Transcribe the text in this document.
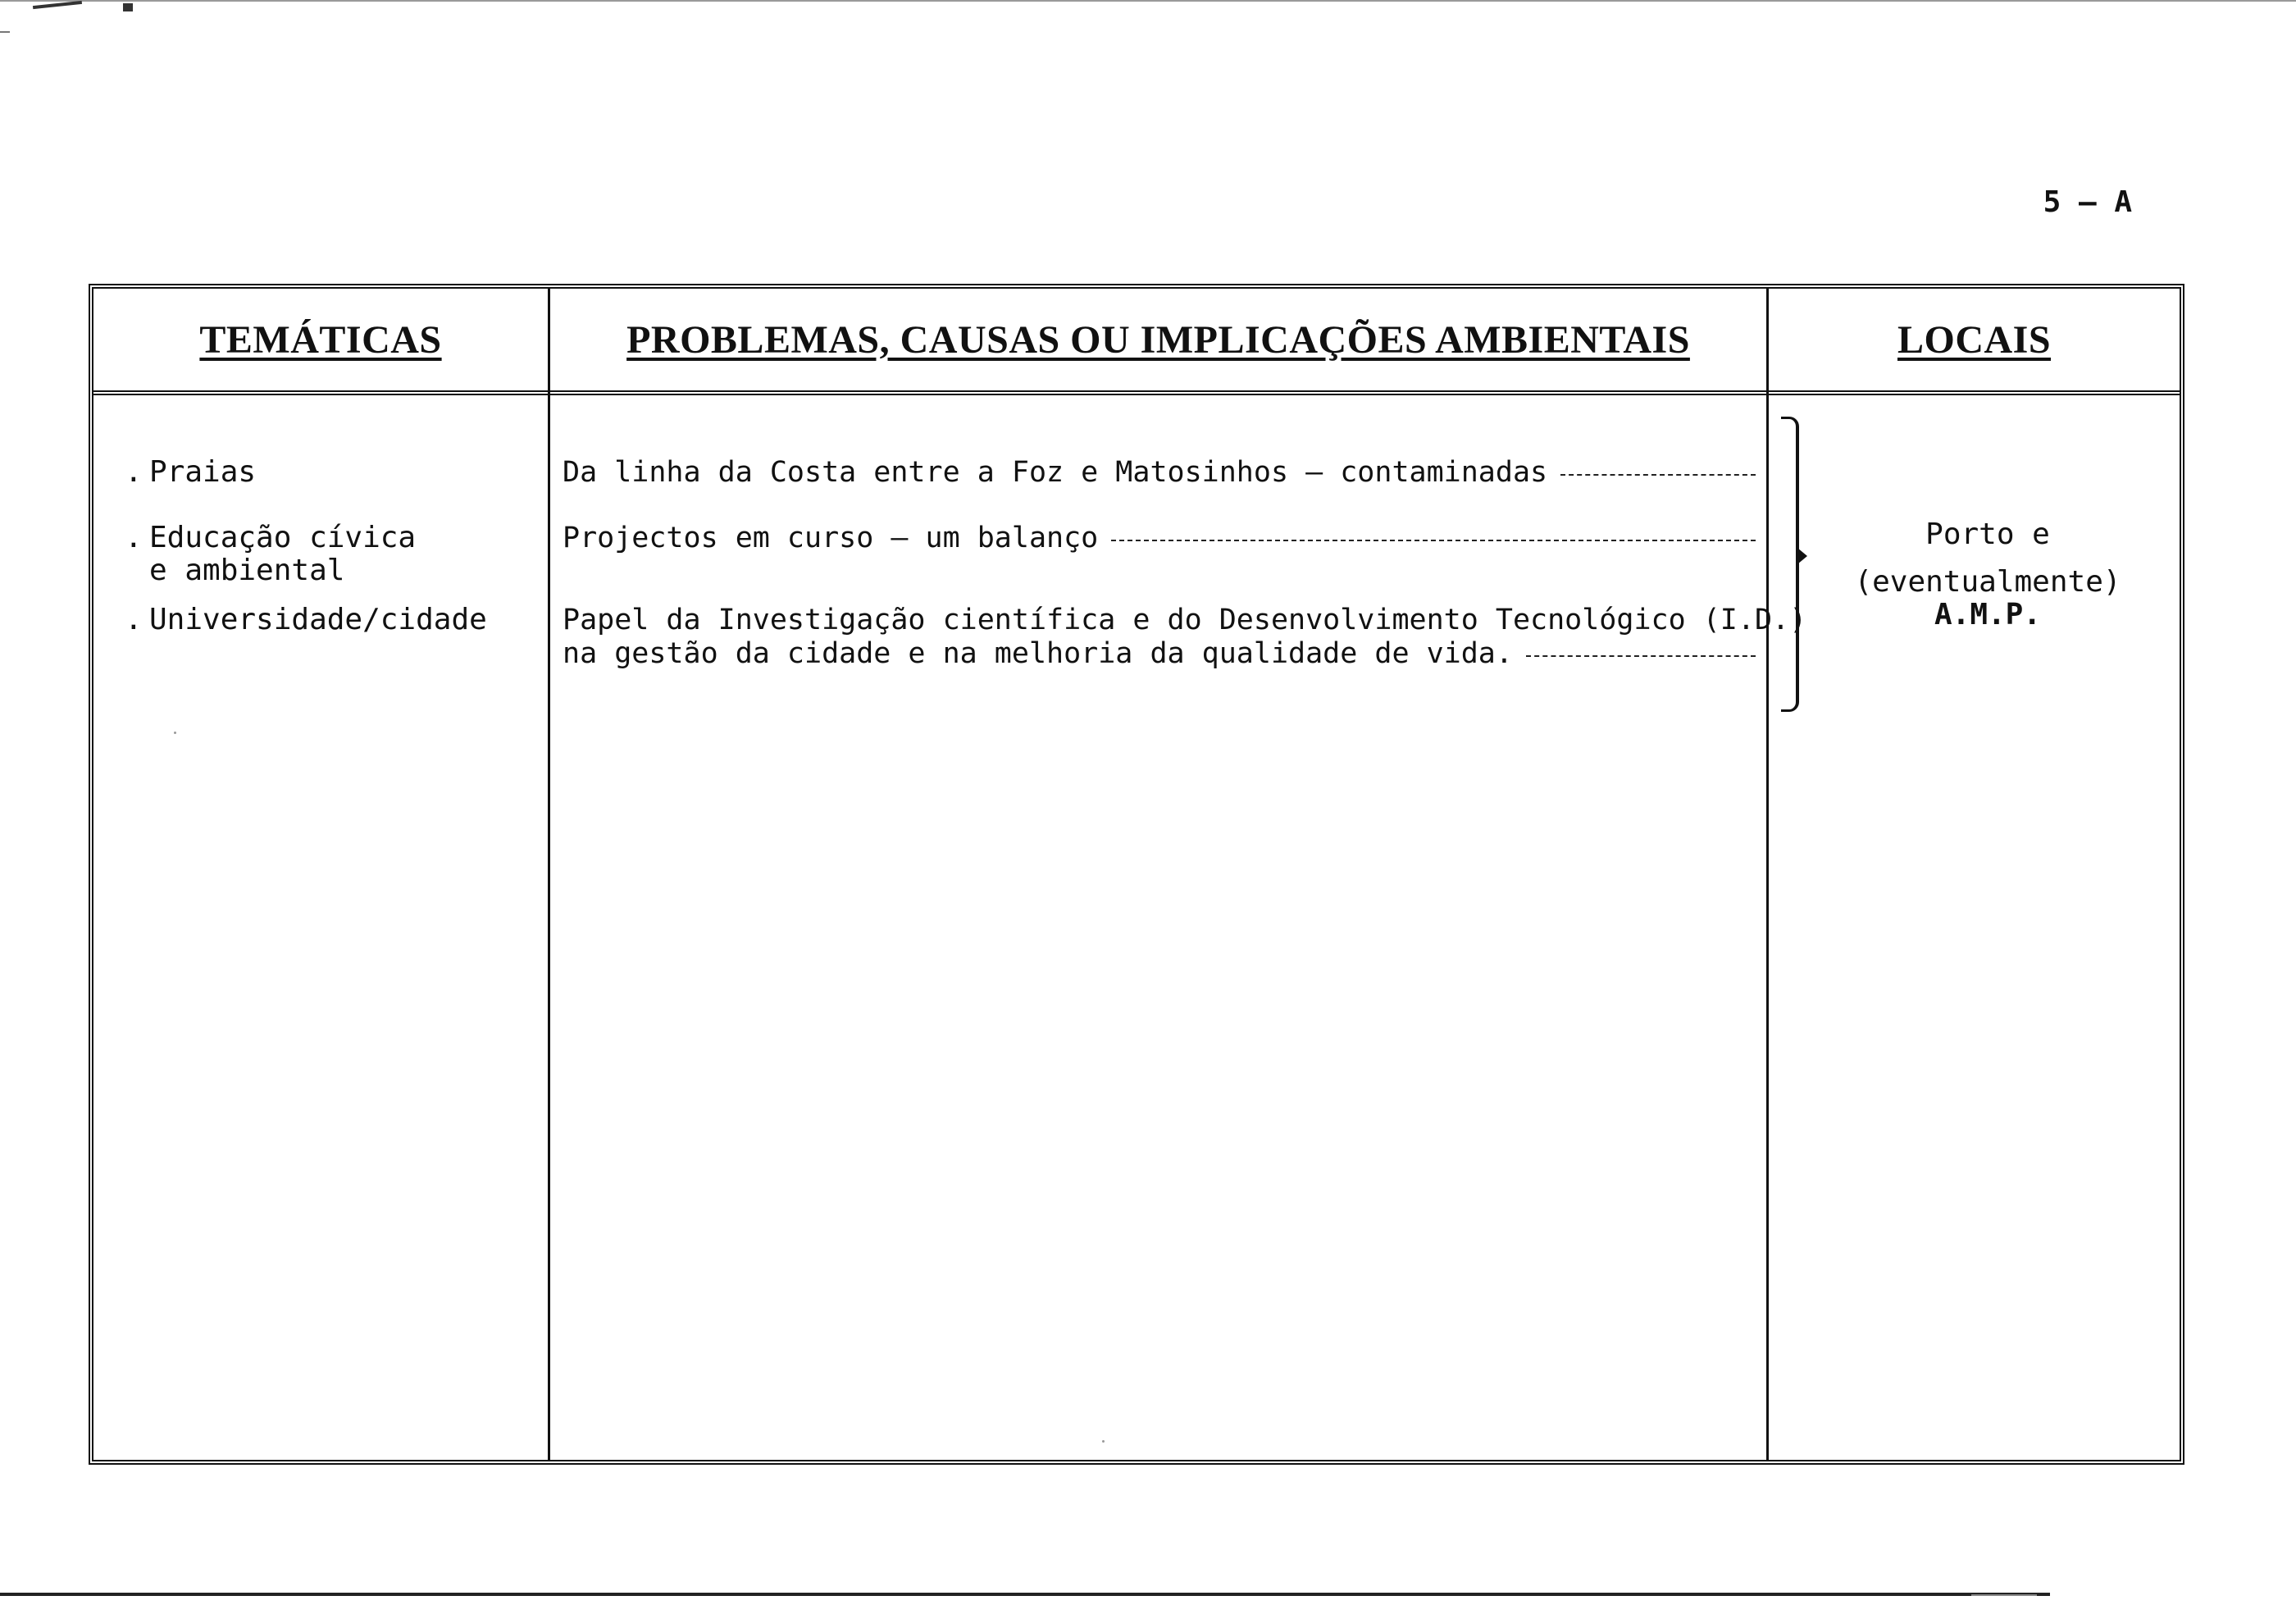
5 – A
TEMÁTICAS	PROBLEMAS, CAUSAS OU IMPLICAÇÕES AMBIENTAIS	LOCAIS
. Praias
. Educação cívica e ambiental
. Universidade/cidade
Da linha da Costa entre a Foz e Matosinhos – contaminadas
Projectos em curso – um balanço
Papel da Investigação científica e do Desenvolvimento Tecnológico (I.D.)
na gestão da cidade e na melhoria da qualidade de vida.
Porto e
(eventualmente)
A.M.P.
